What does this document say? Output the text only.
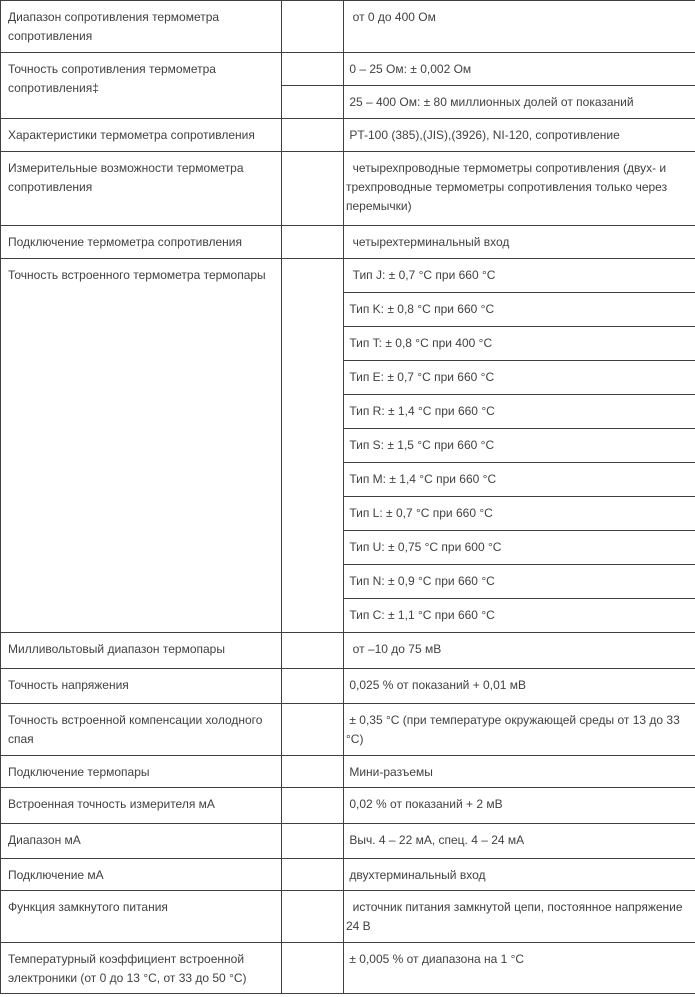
Диапазон сопротивления термометра сопротивления		от 0 до 400 Ом
Точность сопротивления термометра сопротивления‡		0 – 25 Ом: ± 0,002 Ом
		25 – 400 Ом: ± 80 миллионных долей от показаний
Характеристики термометра сопротивления		PT-100 (385),(JIS),(3926), NI-120, сопротивление
Измерительные возможности термометра сопротивления		четырехпроводные термометры сопротивления (двух- и трехпроводные термометры сопротивления только через перемычки)
Подключение термометра сопротивления		четырехтерминальный вход
Точность встроенного термометра термопары		Тип J: ± 0,7 °C при 660 °C
		Тип K: ± 0,8 °C при 660 °C
		Тип T: ± 0,8 °C при 400 °C
		Тип E: ± 0,7 °C при 660 °C
		Тип R: ± 1,4 °C при 660 °C
		Тип S: ± 1,5 °C при 660 °C
		Тип M: ± 1,4 °C при 660 °C
		Тип L: ± 0,7 °C при 660 °C
		Тип U: ± 0,75 °C при 600 °C
		Тип N: ± 0,9 °C при 660 °C
		Тип C: ± 1,1 °C при 660 °C
Милливольтовый диапазон термопары		от –10 до 75 мВ
Точность напряжения		0,025 % от показаний + 0,01 мВ
Точность встроенной компенсации холодного спая		± 0,35 °C (при температуре окружающей среды от 13 до 33 °C)
Подключение термопары		Мини-разъемы
Встроенная точность измерителя мА		0,02 % от показаний + 2 мВ
Диапазон мА		Выч. 4 – 22 мА, спец. 4 – 24 мА
Подключение мА		двухтерминальный вход
Функция замкнутого питания		источник питания замкнутой цепи, постоянное напряжение 24 В
Температурный коэффициент встроенной электроники (от 0 до 13 °C, от 33 до 50 °C)		± 0,005 % от диапазона на 1 °C
